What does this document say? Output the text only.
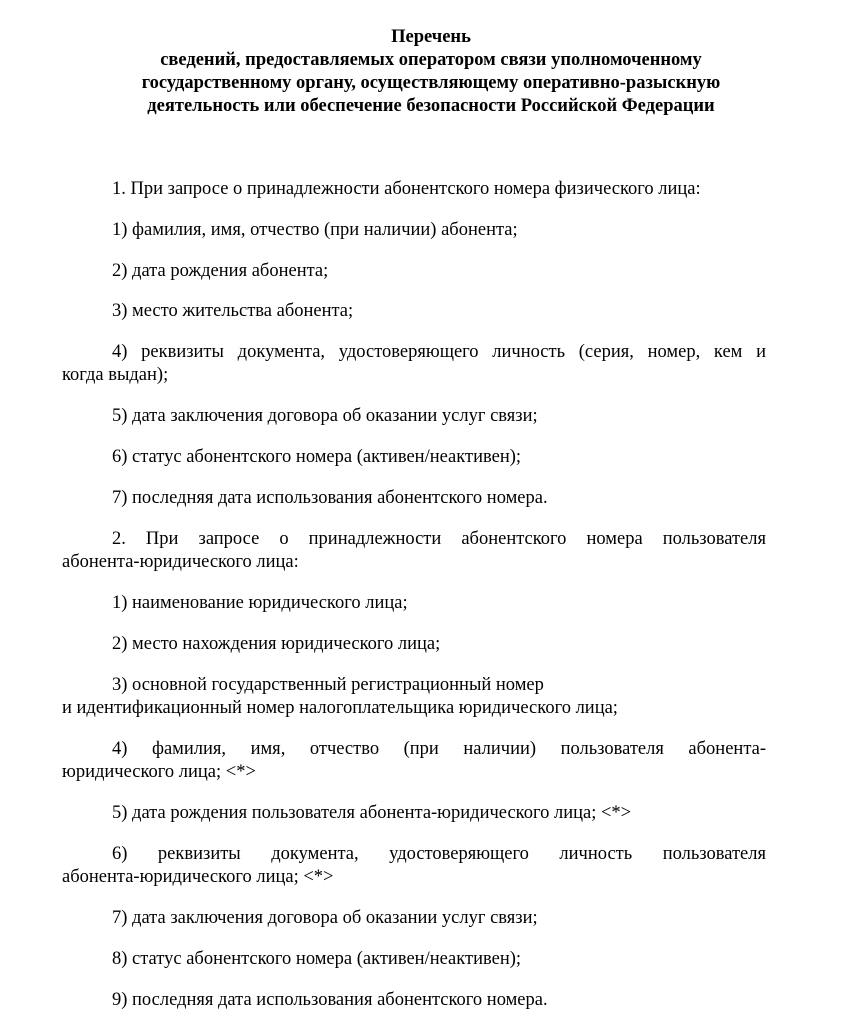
Перечень
сведений, предоставляемых оператором связи уполномоченному
государственному органу, осуществляющему оперативно-разыскную
деятельность или обеспечение безопасности Российской Федерации
1. При запросе о принадлежности абонентского номера физического лица:
1) фамилия, имя, отчество (при наличии) абонента;
2) дата рождения абонента;
3) место жительства абонента;
4) реквизиты документа, удостоверяющего личность (серия, номер, кем и
когда выдан);
5) дата заключения договора об оказании услуг связи;
6) статус абонентского номера (активен/неактивен);
7) последняя дата использования абонентского номера.
2. При запросе о принадлежности абонентского номера пользователя
абонента-юридического лица:
1) наименование юридического лица;
2) место нахождения юридического лица;
3) основной государственный регистрационный номер
и идентификационный номер налогоплательщика юридического лица;
4) фамилия, имя, отчество (при наличии) пользователя абонента-
юридического лица; <*>
5) дата рождения пользователя абонента-юридического лица; <*>
6) реквизиты документа, удостоверяющего личность пользователя
абонента-юридического лица; <*>
7) дата заключения договора об оказании услуг связи;
8) статус абонентского номера (активен/неактивен);
9) последняя дата использования абонентского номера.
